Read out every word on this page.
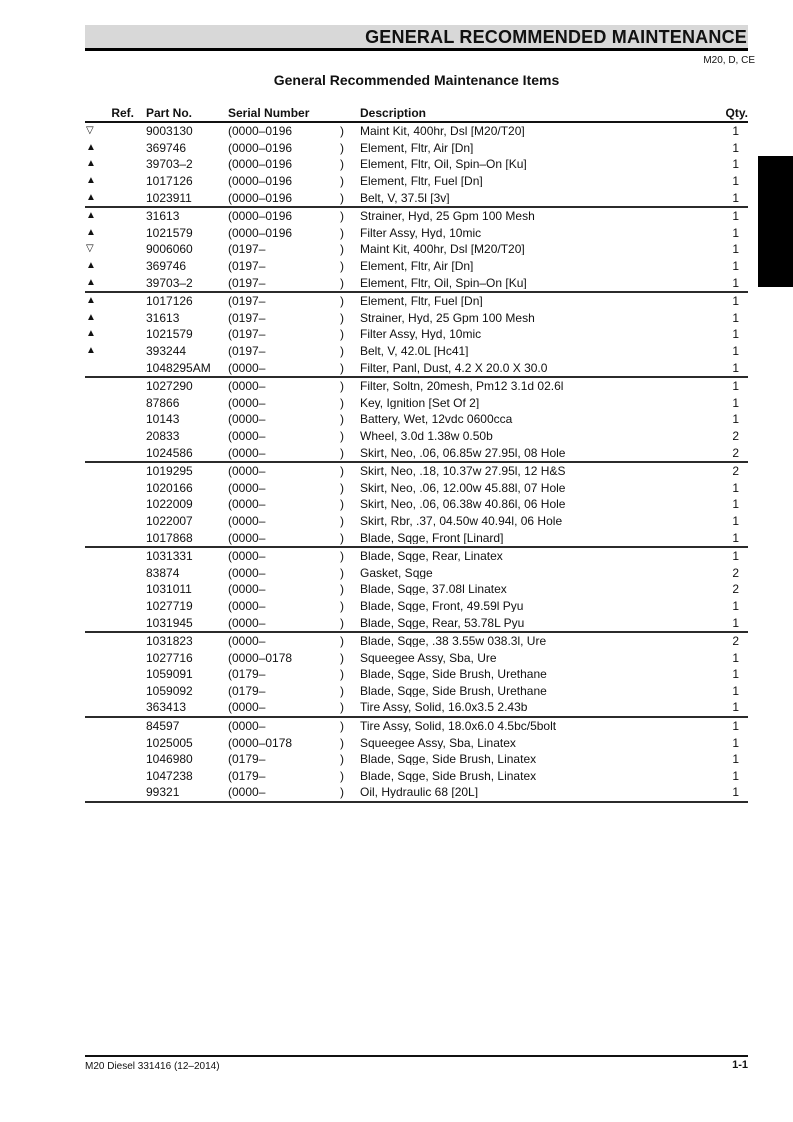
GENERAL RECOMMENDED MAINTENANCE
M20, D, CE
General Recommended Maintenance Items
Ref.	Part No.	Serial Number	Description	Qty.
▽	9003130	(0000–0196	)	Maint Kit, 400hr, Dsl [M20/T20]	1
▲	369746	(0000–0196	)	Element, Fltr, Air [Dn]	1
▲	39703–2	(0000–0196	)	Element, Fltr, Oil, Spin–On [Ku]	1
▲	1017126	(0000–0196	)	Element, Fltr, Fuel [Dn]	1
▲	1023911	(0000–0196	)	Belt, V, 37.5l [3v]	1
▲	31613	(0000–0196	)	Strainer, Hyd, 25 Gpm 100 Mesh	1
▲	1021579	(0000–0196	)	Filter Assy, Hyd, 10mic	1
▽	9006060	(0197–	)	Maint Kit, 400hr, Dsl [M20/T20]	1
▲	369746	(0197–	)	Element, Fltr, Air [Dn]	1
▲	39703–2	(0197–	)	Element, Fltr, Oil, Spin–On [Ku]	1
▲	1017126	(0197–	)	Element, Fltr, Fuel [Dn]	1
▲	31613	(0197–	)	Strainer, Hyd, 25 Gpm 100 Mesh	1
▲	1021579	(0197–	)	Filter Assy, Hyd, 10mic	1
▲	393244	(0197–	)	Belt, V, 42.0L [Hc41]	1
1048295AM	(0000–	)	Filter, Panl, Dust, 4.2 X 20.0 X 30.0	1
1027290	(0000–	)	Filter, Soltn, 20mesh, Pm12 3.1d 02.6l	1
87866	(0000–	)	Key, Ignition [Set Of 2]	1
10143	(0000–	)	Battery, Wet, 12vdc 0600cca	1
20833	(0000–	)	Wheel, 3.0d 1.38w 0.50b	2
1024586	(0000–	)	Skirt, Neo, .06, 06.85w 27.95l, 08 Hole	2
1019295	(0000–	)	Skirt, Neo, .18, 10.37w 27.95l, 12 H&S	2
1020166	(0000–	)	Skirt, Neo, .06, 12.00w 45.88l, 07 Hole	1
1022009	(0000–	)	Skirt, Neo, .06, 06.38w 40.86l, 06 Hole	1
1022007	(0000–	)	Skirt, Rbr, .37, 04.50w 40.94l, 06 Hole	1
1017868	(0000–	)	Blade, Sqge, Front [Linard]	1
1031331	(0000–	)	Blade, Sqge, Rear, Linatex	1
83874	(0000–	)	Gasket, Sqge	2
1031011	(0000–	)	Blade, Sqge, 37.08l Linatex	2
1027719	(0000–	)	Blade, Sqge, Front, 49.59l Pyu	1
1031945	(0000–	)	Blade, Sqge, Rear, 53.78L Pyu	1
1031823	(0000–	)	Blade, Sqge, .38 3.55w 038.3l, Ure	2
1027716	(0000–0178	)	Squeegee Assy, Sba, Ure	1
1059091	(0179–	)	Blade, Sqge, Side Brush, Urethane	1
1059092	(0179–	)	Blade, Sqge, Side Brush, Urethane	1
363413	(0000–	)	Tire Assy, Solid, 16.0x3.5 2.43b	1
84597	(0000–	)	Tire Assy, Solid, 18.0x6.0 4.5bc/5bolt	1
1025005	(0000–0178	)	Squeegee Assy, Sba, Linatex	1
1046980	(0179–	)	Blade, Sqge, Side Brush, Linatex	1
1047238	(0179–	)	Blade, Sqge, Side Brush, Linatex	1
99321	(0000–	)	Oil, Hydraulic 68 [20L]	1
M20 Diesel 331416 (12–2014)	1-1
